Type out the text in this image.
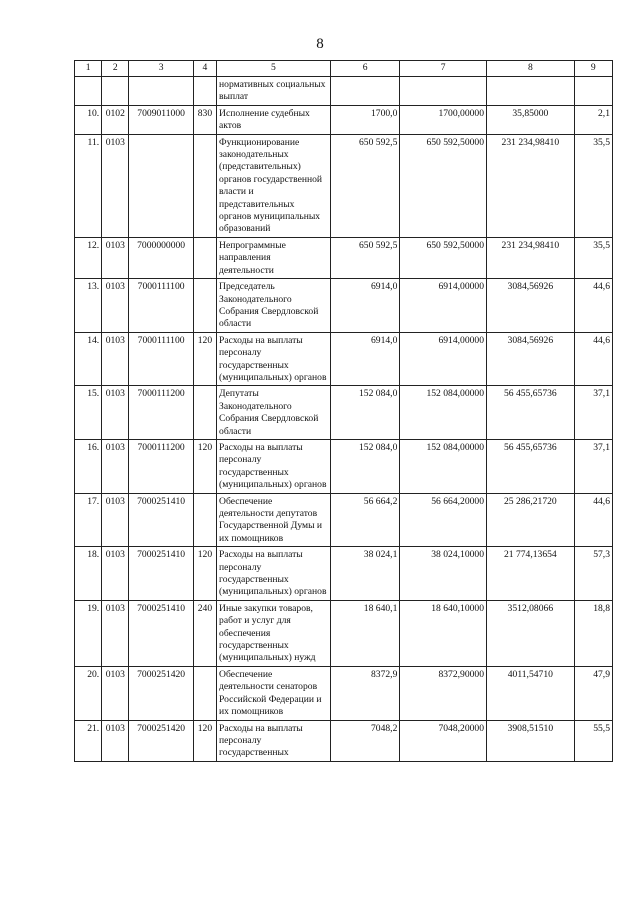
8
1	2	3	4	5	6	7	8	9
				нормативных социальных выплат				
10.	0102	7009011000	830	Исполнение судебных актов	1700,0	1700,00000	35,85000	2,1
11.	0103			Функционирование законодательных (представительных) органов государственной власти и представительных органов муниципальных образований	650 592,5	650 592,50000	231 234,98410	35,5
12.	0103	7000000000		Непрограммные направления деятельности	650 592,5	650 592,50000	231 234,98410	35,5
13.	0103	7000111100		Председатель Законодательного Собрания Свердловской области	6914,0	6914,00000	3084,56926	44,6
14.	0103	7000111100	120	Расходы на выплаты персоналу государственных (муниципальных) органов	6914,0	6914,00000	3084,56926	44,6
15.	0103	7000111200		Депутаты Законодательного Собрания Свердловской области	152 084,0	152 084,00000	56 455,65736	37,1
16.	0103	7000111200	120	Расходы на выплаты персоналу государственных (муниципальных) органов	152 084,0	152 084,00000	56 455,65736	37,1
17.	0103	7000251410		Обеспечение деятельности депутатов Государственной Думы и их помощников	56 664,2	56 664,20000	25 286,21720	44,6
18.	0103	7000251410	120	Расходы на выплаты персоналу государственных (муниципальных) органов	38 024,1	38 024,10000	21 774,13654	57,3
19.	0103	7000251410	240	Иные закупки товаров, работ и услуг для обеспечения государственных (муниципальных) нужд	18 640,1	18 640,10000	3512,08066	18,8
20.	0103	7000251420		Обеспечение деятельности сенаторов Российской Федерации и их помощников	8372,9	8372,90000	4011,54710	47,9
21.	0103	7000251420	120	Расходы на выплаты персоналу государственных	7048,2	7048,20000	3908,51510	55,5
